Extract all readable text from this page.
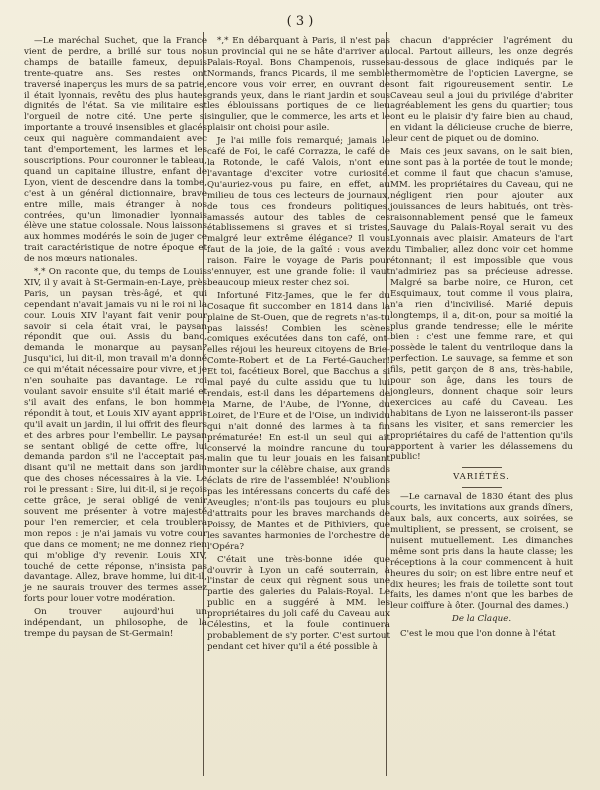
( 3 )

—Le maréchal Suchet, que la France vient de perdre, a brillé sur tous nos champs de bataille fameux, depuis trente-quatre ans. Ses restes ont traversé inaperçus les murs de sa patrie, il était lyonnais, revêtu des plus hautes dignités de l'état. Sa vie militaire est l'orgueil de notre cité. Une perte si importante a trouvé insensibles et glacés ceux qui naguère commandaient avec tant d'emportement, les larmes et les souscriptions. Pour couronner le tableau, quand un capitaine illustre, enfant de Lyon, vient de descendre dans la tombe, c'est à un général dictionnaire, brave entre mille, mais étranger à nos contrées, qu'un limonadier lyonnais élève une statue colossale. Nous laissons aux hommes modérés le soin de juger ce trait caractéristique de notre époque et de nos mœurs nationales.

*,* On raconte que, du temps de Louis XIV, il y avait à St-Germain-en-Laye, près Paris, un paysan très-âgé, et qui cependant n'avait jamais vu ni le roi ni la cour. Louis XIV l'ayant fait venir pour savoir si cela était vrai, le paysan répondit que oui. Assis du banc, demanda le monarque au paysan? Jusqu'ici, lui dit-il, mon travail m'a donné ce qui m'était nécessaire pour vivre, et je n'en souhaite pas davantage. Le roi voulant savoir ensuite s'il était marié et s'il avait des enfans, le bon homme répondit à tout, et Louis XIV ayant appris qu'il avait un jardin, il lui offrit des fleurs et des arbres pour l'embellir. Le paysan se sentant obligé de cette offre, lui demanda pardon s'il ne l'acceptait pas, disant qu'il ne mettait dans son jardin que des choses nécessaires à la vie. Le roi le pressant : Sire, lui dit-il, si je reçois cette grâce, je serai obligé de venir souvent me présenter à votre majesté pour l'en remercier, et cela troublera mon repos : je n'ai jamais vu votre cour que dans ce moment; ne me donnez rien qui m'oblige d'y revenir. Louis XIV, touché de cette réponse, n'insista pas davantage. Allez, brave homme, lui dit-il, je ne saurais trouver des termes assez forts pour louer votre modération.

On trouver aujourd'hui un indépendant, un philosophe, de la trempe du paysan de St-Germain!

*,* En débarquant à Paris, il n'est pas un provincial qui ne se hâte d'arriver au Palais-Royal. Bons Champenois, russes Normands, francs Picards, il me semble encore vous voir errer, en ouvrant de grands yeux, dans le riant jardin et sous les éblouissans portiques de ce lieu singulier, que le commerce, les arts et le plaisir ont choisi pour asile.

Je l'ai mille fois remarqué; jamais le café de Foi, le café Corrazza, le café de la Rotonde, le café Valois, n'ont eu l'avantage d'exciter votre curiosité. Qu'auriez-vous pu faire, en effet, au milieu de tous ces lecteurs de journaux, de tous ces frondeurs politiques, amassés autour des tables de ces établissemens si graves et si tristes, malgré leur extrême élégance? Il vous faut de la joie, de la gaîté : vous avez raison. Faire le voyage de Paris pour s'ennuyer, est une grande folie: il vaut beaucoup mieux rester chez soi.

Infortuné Fitz-James, que le fer du Cosaque fit succomber en 1814 dans la plaine de St-Ouen, que de regrets n'as-tu pas laissés! Combien les scènes comiques exécutées dans ton café, ont-elles réjoui les heureux citoyens de Brie-Comte-Robert et de La Ferté-Gaucher! Et toi, facétieux Borel, que Bacchus a si mal payé du culte assidu que tu lui rendais, est-il dans les départemens de la Marne, de l'Aube, de l'Yonne, du Loiret, de l'Eure et de l'Oise, un individu qui n'ait donné des larmes à ta fin prématurée! En est-il un seul qui ait conservé la moindre rancune du tour malin que tu leur jouais en les faisant monter sur la célèbre chaise, aux grands éclats de rire de l'assemblée! N'oublions pas les intéressans concerts du café des Aveugles; n'ont-ils pas toujours eu plus d'attraits pour les braves marchands de Poissy, de Mantes et de Pithiviers, que les savantes harmonies de l'orchestre de l'Opéra?

C'était une très-bonne idée que d'ouvrir à Lyon un café souterrain, à l'instar de ceux qui règnent sous une partie des galeries du Palais-Royal. Le public en a suggéré à MM. les propriétaires du joli café du Caveau aux Célestins, et la foule continuera probablement de s'y porter. C'est surtout pendant cet hiver qu'il a été possible à

chacun d'apprécier l'agrément du local. Partout ailleurs, les onze degrés au-dessous de glace indiqués par le thermomètre de l'opticien Lavergne, se sont fait rigoureusement sentir. Le Caveau seul a joui du privilége d'abriter agréablement les gens du quartier; tous ont eu le plaisir d'y faire bien au chaud, en vidant la délicieuse cruche de bierre, leur cent de piquet ou de domino.

Mais ces jeux savans, on le sait bien, ne sont pas à la portée de tout le monde; et comme il faut que chacun s'amuse, MM. les propriétaires du Caveau, qui ne négligent rien pour ajouter aux jouissances de leurs habitués, ont très-raisonnablement pensé que le fameux Sauvage du Palais-Royal serait vu des Lyonnais avec plaisir. Amateurs de l'art du Timbalier, allez donc voir cet homme étonnant; il est impossible que vous n'admiriez pas sa précieuse adresse. Malgré sa barbe noire, ce Huron, cet Esquimaux, tout comme il vous plaira, n'a rien d'incivilisé. Marié depuis longtemps, il a, dit-on, pour sa moitié la plus grande tendresse; elle le mérite bien : c'est une femme rare, et qui possède le talent du ventriloque dans la perfection. Le sauvage, sa femme et son fils, petit garçon de 8 ans, très-habile, pour son âge, dans les tours de jongleurs, donnent chaque soir leurs exercices au café du Caveau. Les habitans de Lyon ne laisseront-ils passer sans les visiter, et sans remercier les propriétaires du café de l'attention qu'ils apportent à varier les délassemens du public!

VARIÉTÉS.

—Le carnaval de 1830 étant des plus courts, les invitations aux grands dîners, aux bals, aux concerts, aux soirées, se multiplient, se pressent, se croisent, se nuisent mutuellement. Les dimanches même sont pris dans la haute classe; les réceptions à la cour commencent à huit heures du soir; on est libre entre neuf et dix heures; les frais de toilette sont tout faits, les dames n'ont que les barbes de leur coiffure à ôter. (Journal des dames.)

De la Claque.

C'est le mou que l'on donne à l'état
